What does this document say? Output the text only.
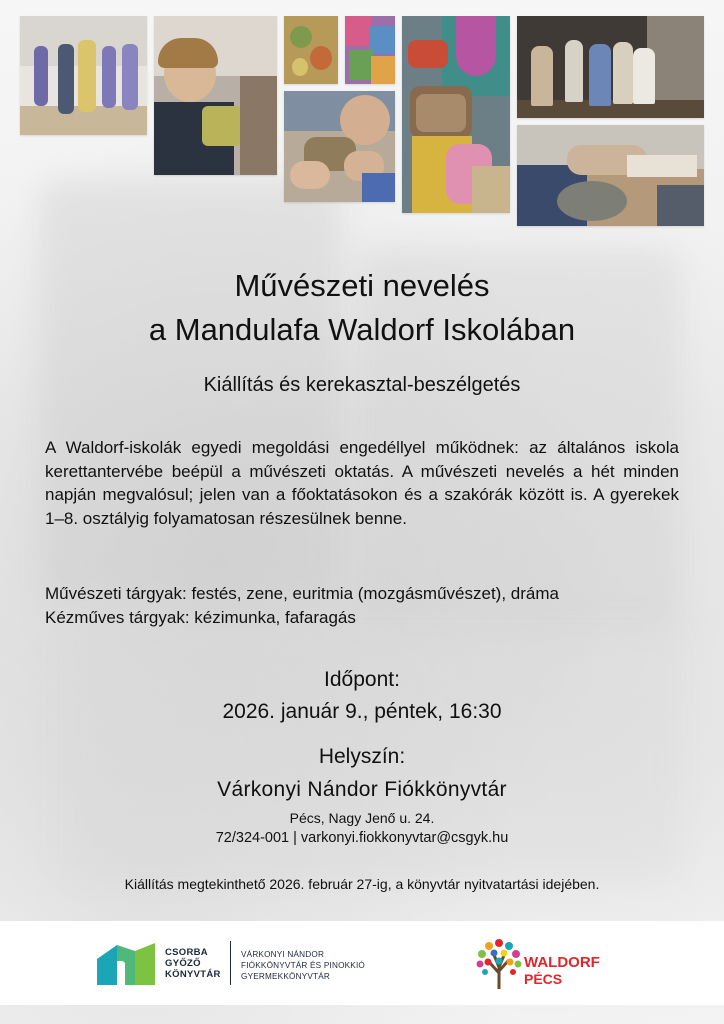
Művészeti nevelés
a Mandulafa Waldorf Iskolában
Kiállítás és kerekasztal-beszélgetés

A Waldorf-iskolák egyedi megoldási engedéllyel működnek: az általános iskola kerettantervébe beépül a művészeti oktatás. A művészeti nevelés a hét minden napján megvalósul; jelen van a főoktatásokon és a szakórák között is. A gyerekek 1–8. osztályig folyamatosan részesülnek benne.

Művészeti tárgyak: festés, zene, euritmia (mozgásművészet), dráma
Kézműves tárgyak: kézimunka, fafaragás
Időpont:
2026. január 9., péntek, 16:30
Helyszín:
Várkonyi Nándor Fiókkönyvtár
Pécs, Nagy Jenő u. 24.
72/324-001 | varkonyi.fiokkonyvtar@csgyk.hu
Kiállítás megtekinthető 2026. február 27-ig, a könyvtár nyitvatartási idejében.
CSORBA
GYŐZŐ
KÖNYVTÁR
VÁRKONYI NÁNDOR
FIÓKKÖNYVTÁR ÉS PINOKKIÓ
GYERMEKKÖNYVTÁR
WALDORF
PÉCS
